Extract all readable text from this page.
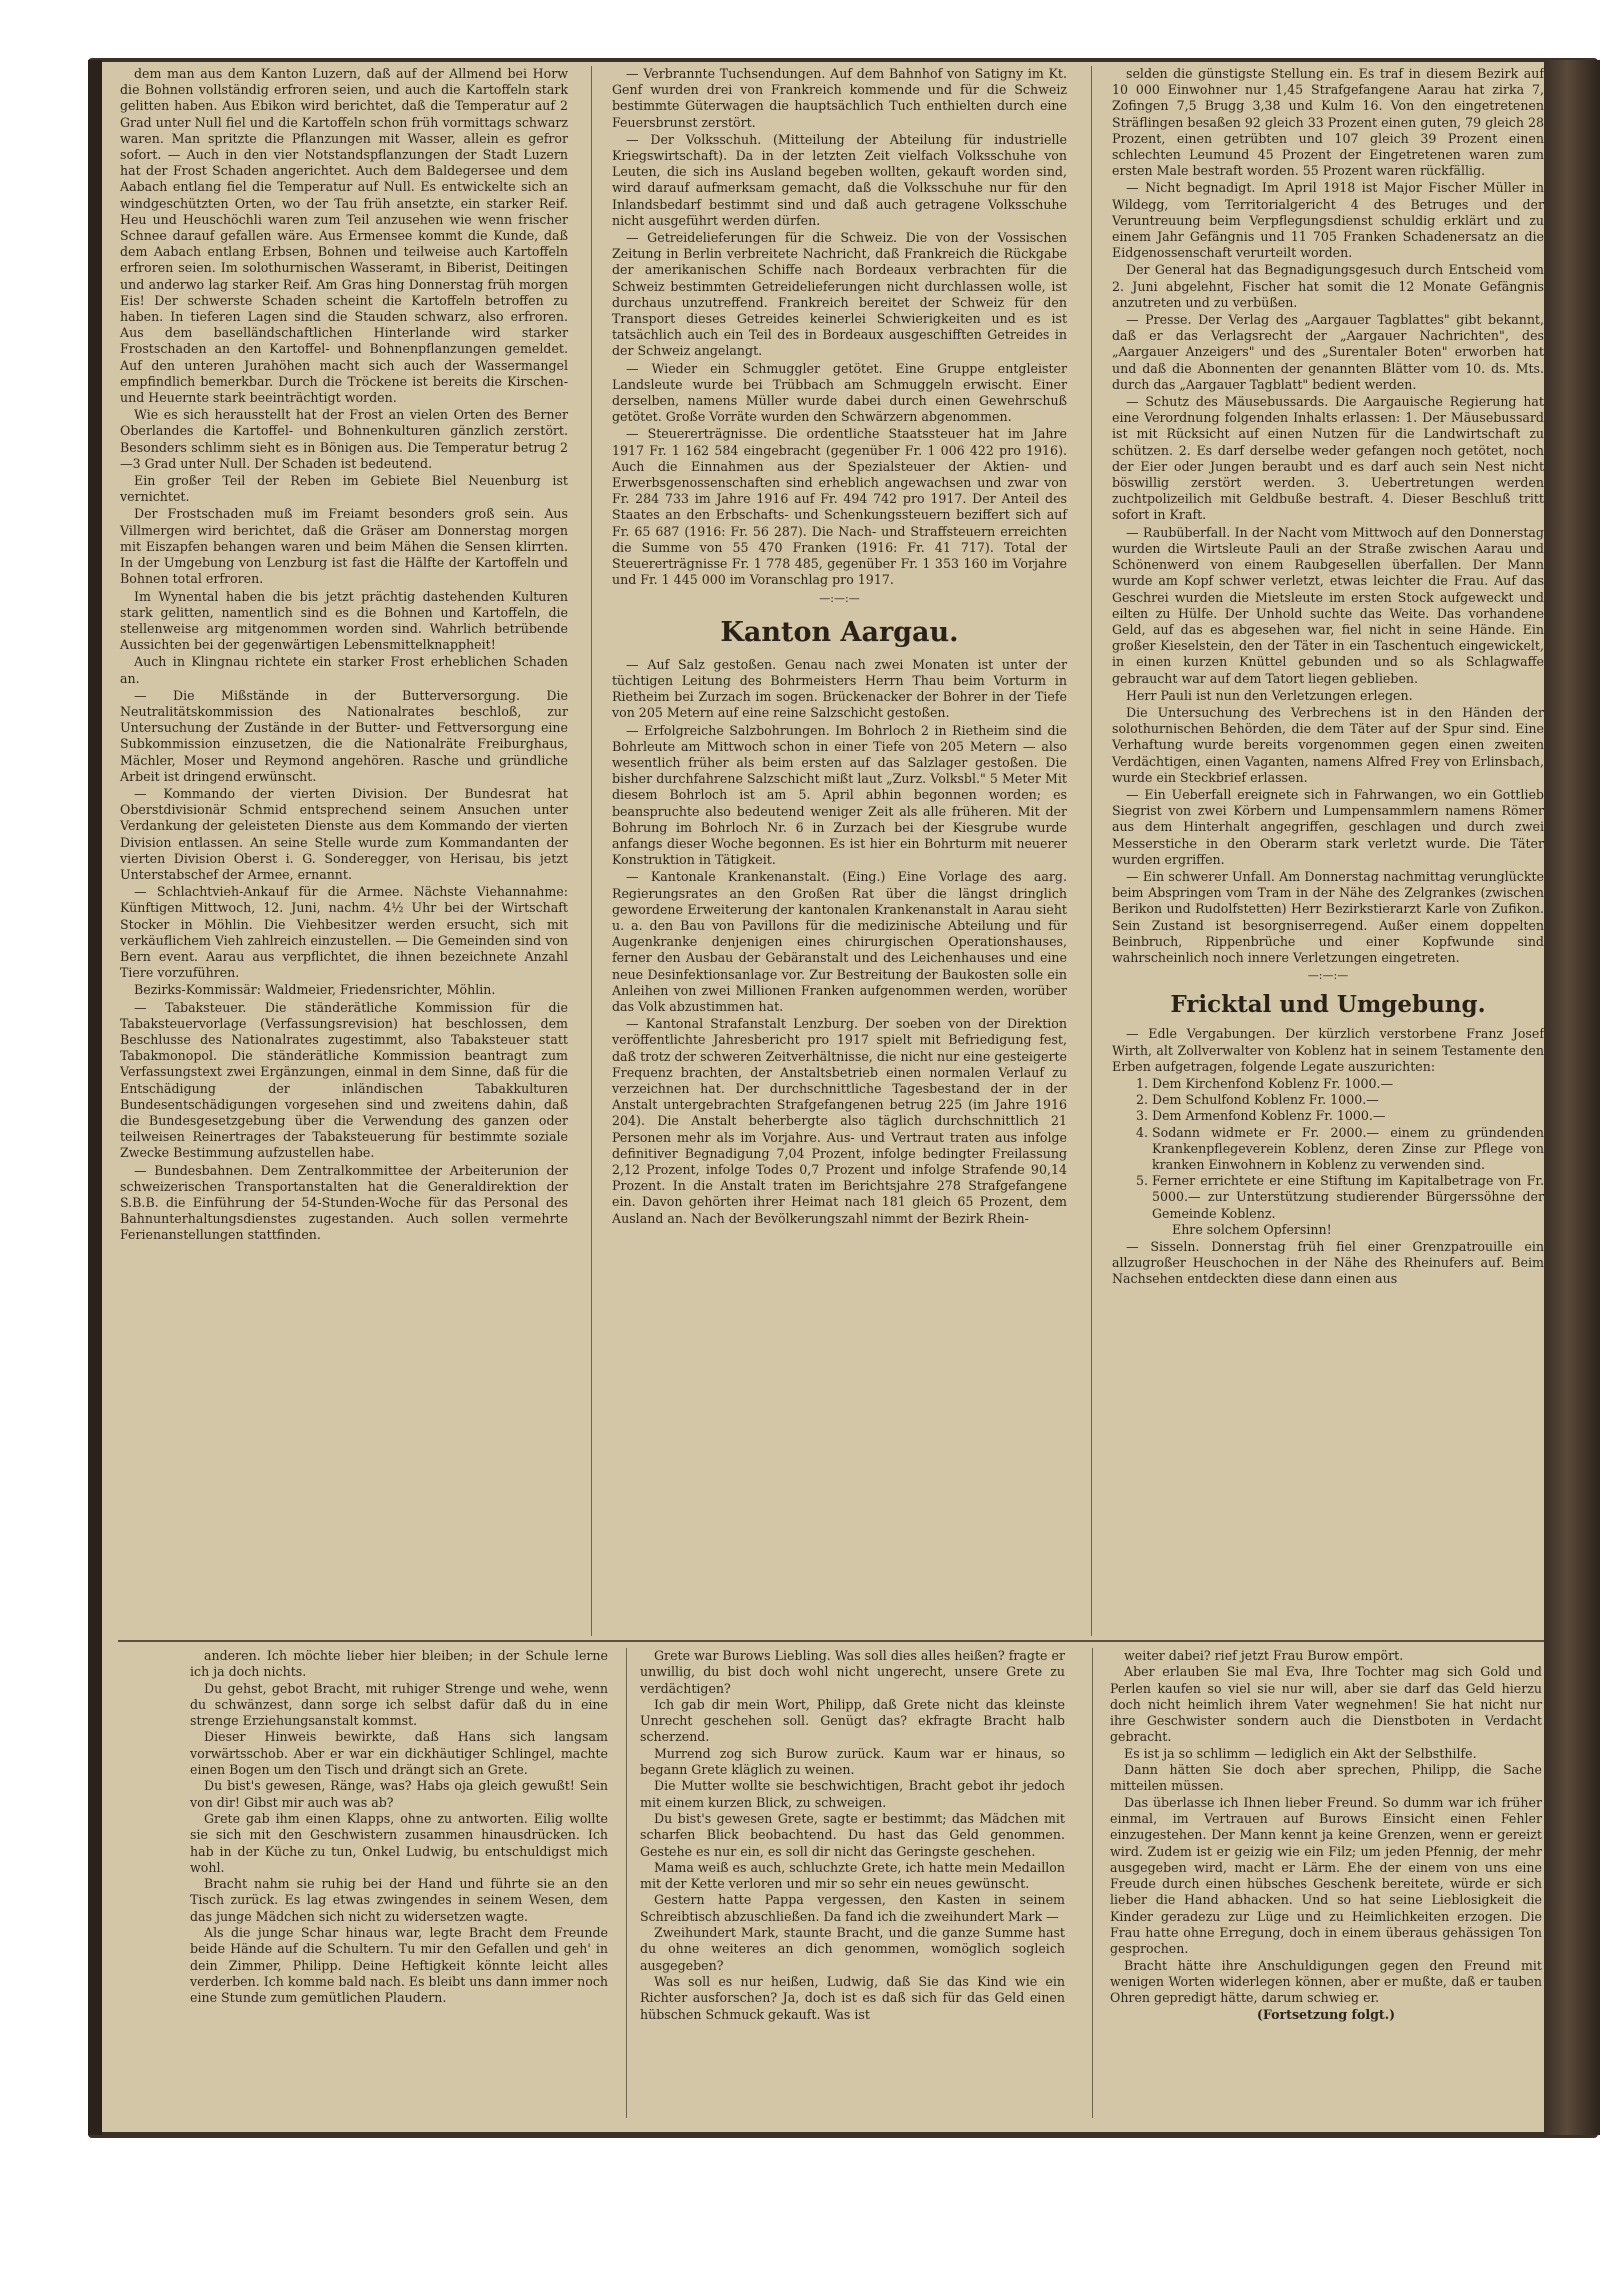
dem man aus dem Kanton Luzern, daß auf der Allmend bei Horw die Bohnen vollständig erfroren seien, und auch die Kartoffeln stark gelitten haben. Aus Ebikon wird berichtet, daß die Temperatur auf 2 Grad unter Null fiel und die Kartoffeln schon früh vormittags schwarz waren. Man spritzte die Pflanzungen mit Wasser, allein es gefror sofort. — Auch in den vier Notstandspflanzungen der Stadt Luzern hat der Frost Schaden angerichtet. Auch dem Baldegersee und dem Aabach entlang fiel die Temperatur auf Null. Es entwickelte sich an windgeschützten Orten, wo der Tau früh ansetzte, ein starker Reif. Heu und Heuschöchli waren zum Teil anzusehen wie wenn frischer Schnee darauf gefallen wäre. Aus Ermensee kommt die Kunde, daß dem Aabach entlang Erbsen, Bohnen und teilweise auch Kartoffeln erfroren seien. Im solothurnischen Wasseramt, in Biberist, Deitingen und anderwo lag starker Reif. Am Gras hing Donnerstag früh morgen Eis! Der schwerste Schaden scheint die Kartoffeln betroffen zu haben. In tieferen Lagen sind die Stauden schwarz, also erfroren. Aus dem baselländschaftlichen Hinterlande wird starker Frostschaden an den Kartoffel- und Bohnenpflanzungen gemeldet. Auf den unteren Jurahöhen macht sich auch der Wassermangel empfindlich bemerkbar. Durch die Tröckene ist bereits die Kirschen- und Heuernte stark beeinträchtigt worden.

Wie es sich herausstellt hat der Frost an vielen Orten des Berner Oberlandes die Kartoffel- und Bohnenkulturen gänzlich zerstört. Besonders schlimm sieht es in Bönigen aus. Die Temperatur betrug 2—3 Grad unter Null. Der Schaden ist bedeutend.

Ein großer Teil der Reben im Gebiete Biel Neuenburg ist vernichtet.

Der Frostschaden muß im Freiamt besonders groß sein. Aus Villmergen wird berichtet, daß die Gräser am Donnerstag morgen mit Eiszapfen behangen waren und beim Mähen die Sensen klirrten. In der Umgebung von Lenzburg ist fast die Hälfte der Kartoffeln und Bohnen total erfroren.

Im Wynental haben die bis jetzt prächtig dastehenden Kulturen stark gelitten, namentlich sind es die Bohnen und Kartoffeln, die stellenweise arg mitgenommen worden sind. Wahrlich betrübende Aussichten bei der gegenwärtigen Lebensmittelknappheit!

Auch in Klingnau richtete ein starker Frost erheblichen Schaden an.

— Die Mißstände in der Butterversorgung. Die Neutralitätskommission des Nationalrates beschloß, zur Untersuchung der Zustände in der Butter- und Fettversorgung eine Subkommission einzusetzen, die die Nationalräte Freiburghaus, Mächler, Moser und Reymond angehören. Rasche und gründliche Arbeit ist dringend erwünscht.

— Kommando der vierten Division. Der Bundesrat hat Oberstdivisionär Schmid entsprechend seinem Ansuchen unter Verdankung der geleisteten Dienste aus dem Kommando der vierten Division entlassen. An seine Stelle wurde zum Kommandanten der vierten Division Oberst i. G. Sonderegger, von Herisau, bis jetzt Unterstabschef der Armee, ernannt.

— Schlachtvieh-Ankauf für die Armee. Nächste Viehannahme: Künftigen Mittwoch, 12. Juni, nachm. 4½ Uhr bei der Wirtschaft Stocker in Möhlin. Die Viehbesitzer werden ersucht, sich mit verkäuflichem Vieh zahlreich einzustellen. — Die Gemeinden sind von Bern event. Aarau aus verpflichtet, die ihnen bezeichnete Anzahl Tiere vorzuführen.

Bezirks-Kommissär: Waldmeier, Friedensrichter, Möhlin.

— Tabaksteuer. Die ständerätliche Kommission für die Tabaksteuervorlage (Verfassungsrevision) hat beschlossen, dem Beschlusse des Nationalrates zugestimmt, also Tabaksteuer statt Tabakmonopol. Die ständerätliche Kommission beantragt zum Verfassungstext zwei Ergänzungen, einmal in dem Sinne, daß für die Entschädigung der inländischen Tabakkulturen Bundesentschädigungen vorgesehen sind und zweitens dahin, daß die Bundesgesetzgebung über die Verwendung des ganzen oder teilweisen Reinertrages der Tabaksteuerung für bestimmte soziale Zwecke Bestimmung aufzustellen habe.

— Bundesbahnen. Dem Zentralkommittee der Arbeiterunion der schweizerischen Transportanstalten hat die Generaldirektion der S.B.B. die Einführung der 54-Stunden-Woche für das Personal des Bahnunterhaltungsdienstes zugestanden. Auch sollen vermehrte Ferienanstellungen stattfinden.

— Verbrannte Tuchsendungen. Auf dem Bahnhof von Satigny im Kt. Genf wurden drei von Frankreich kommende und für die Schweiz bestimmte Güterwagen die hauptsächlich Tuch enthielten durch eine Feuersbrunst zerstört.

— Der Volksschuh. (Mitteilung der Abteilung für industrielle Kriegswirtschaft). Da in der letzten Zeit vielfach Volksschuhe von Leuten, die sich ins Ausland begeben wollten, gekauft worden sind, wird darauf aufmerksam gemacht, daß die Volksschuhe nur für den Inlandsbedarf bestimmt sind und daß auch getragene Volksschuhe nicht ausgeführt werden dürfen.

— Getreidelieferungen für die Schweiz. Die von der Vossischen Zeitung in Berlin verbreitete Nachricht, daß Frankreich die Rückgabe der amerikanischen Schiffe nach Bordeaux verbrachten für die Schweiz bestimmten Getreidelieferungen nicht durchlassen wolle, ist durchaus unzutreffend. Frankreich bereitet der Schweiz für den Transport dieses Getreides keinerlei Schwierigkeiten und es ist tatsächlich auch ein Teil des in Bordeaux ausgeschifften Getreides in der Schweiz angelangt.

— Wieder ein Schmuggler getötet. Eine Gruppe entgleister Landsleute wurde bei Trübbach am Schmuggeln erwischt. Einer derselben, namens Müller wurde dabei durch einen Gewehrschuß getötet. Große Vorräte wurden den Schwärzern abgenommen.

— Steuererträgnisse. Die ordentliche Staatssteuer hat im Jahre 1917 Fr. 1 162 584 eingebracht (gegenüber Fr. 1 006 422 pro 1916). Auch die Einnahmen aus der Spezialsteuer der Aktien- und Erwerbsgenossenschaften sind erheblich angewachsen und zwar von Fr. 284 733 im Jahre 1916 auf Fr. 494 742 pro 1917. Der Anteil des Staates an den Erbschafts- und Schenkungssteuern beziffert sich auf Fr. 65 687 (1916: Fr. 56 287). Die Nach- und Straffsteuern erreichten die Summe von 55 470 Franken (1916: Fr. 41 717). Total der Steuererträgnisse Fr. 1 778 485, gegenüber Fr. 1 353 160 im Vorjahre und Fr. 1 445 000 im Voranschlag pro 1917.

—:—:—
Kanton Aargau.

— Auf Salz gestoßen. Genau nach zwei Monaten ist unter der tüchtigen Leitung des Bohrmeisters Herrn Thau beim Vorturm in Rietheim bei Zurzach im sogen. Brückenacker der Bohrer in der Tiefe von 205 Metern auf eine reine Salzschicht gestoßen.

— Erfolgreiche Salzbohrungen. Im Bohrloch 2 in Rietheim sind die Bohrleute am Mittwoch schon in einer Tiefe von 205 Metern — also wesentlich früher als beim ersten auf das Salzlager gestoßen. Die bisher durchfahrene Salzschicht mißt laut „Zurz. Volksbl." 5 Meter Mit diesem Bohrloch ist am 5. April abhin begonnen worden; es beanspruchte also bedeutend weniger Zeit als alle früheren. Mit der Bohrung im Bohrloch Nr. 6 in Zurzach bei der Kiesgrube wurde anfangs dieser Woche begonnen. Es ist hier ein Bohrturm mit neuerer Konstruktion in Tätigkeit.

— Kantonale Krankenanstalt. (Eing.) Eine Vorlage des aarg. Regierungsrates an den Großen Rat über die längst dringlich gewordene Erweiterung der kantonalen Krankenanstalt in Aarau sieht u. a. den Bau von Pavillons für die medizinische Abteilung und für Augenkranke denjenigen eines chirurgischen Operationshauses, ferner den Ausbau der Gebäranstalt und des Leichenhauses und eine neue Desinfektionsanlage vor. Zur Bestreitung der Baukosten solle ein Anleihen von zwei Millionen Franken aufgenommen werden, worüber das Volk abzustimmen hat.

— Kantonal Strafanstalt Lenzburg. Der soeben von der Direktion veröffentlichte Jahresbericht pro 1917 spielt mit Befriedigung fest, daß trotz der schweren Zeitverhältnisse, die nicht nur eine gesteigerte Frequenz brachten, der Anstaltsbetrieb einen normalen Verlauf zu verzeichnen hat. Der durchschnittliche Tagesbestand der in der Anstalt untergebrachten Strafgefangenen betrug 225 (im Jahre 1916 204). Die Anstalt beherbergte also täglich durchschnittlich 21 Personen mehr als im Vorjahre. Aus- und Vertraut traten aus infolge definitiver Begnadigung 7,04 Prozent, infolge bedingter Freilassung 2,12 Prozent, infolge Todes 0,7 Prozent und infolge Strafende 90,14 Prozent. In die Anstalt traten im Berichtsjahre 278 Strafgefangene ein. Davon gehörten ihrer Heimat nach 181 gleich 65 Prozent, dem Ausland an. Nach der Bevölkerungszahl nimmt der Bezirk Rhein-

selden die günstigste Stellung ein. Es traf in diesem Bezirk auf 10 000 Einwohner nur 1,45 Strafgefangene Aarau hat zirka 7, Zofingen 7,5 Brugg 3,38 und Kulm 16. Von den eingetretenen Sträflingen besaßen 92 gleich 33 Prozent einen guten, 79 gleich 28 Prozent, einen getrübten und 107 gleich 39 Prozent einen schlechten Leumund 45 Prozent der Eingetretenen waren zum ersten Male bestraft worden. 55 Prozent waren rückfällig.

— Nicht begnadigt. Im April 1918 ist Major Fischer Müller in Wildegg, vom Territorialgericht 4 des Betruges und der Veruntreuung beim Verpflegungsdienst schuldig erklärt und zu einem Jahr Gefängnis und 11 705 Franken Schadenersatz an die Eidgenossenschaft verurteilt worden.

Der General hat das Begnadigungsgesuch durch Entscheid vom 2. Juni abgelehnt, Fischer hat somit die 12 Monate Gefängnis anzutreten und zu verbüßen.

— Presse. Der Verlag des „Aargauer Tagblattes" gibt bekannt, daß er das Verlagsrecht der „Aargauer Nachrichten", des „Aargauer Anzeigers" und des „Surentaler Boten" erworben hat und daß die Abonnenten der genannten Blätter vom 10. ds. Mts. durch das „Aargauer Tagblatt" bedient werden.

— Schutz des Mäusebussards. Die Aargauische Regierung hat eine Verordnung folgenden Inhalts erlassen: 1. Der Mäusebussard ist mit Rücksicht auf einen Nutzen für die Landwirtschaft zu schützen. 2. Es darf derselbe weder gefangen noch getötet, noch der Eier oder Jungen beraubt und es darf auch sein Nest nicht böswillig zerstört werden. 3. Uebertretungen werden zuchtpolizeilich mit Geldbuße bestraft. 4. Dieser Beschluß tritt sofort in Kraft.

— Raubüberfall. In der Nacht vom Mittwoch auf den Donnerstag wurden die Wirtsleute Pauli an der Straße zwischen Aarau und Schönenwerd von einem Raubgesellen überfallen. Der Mann wurde am Kopf schwer verletzt, etwas leichter die Frau. Auf das Geschrei wurden die Mietsleute im ersten Stock aufgeweckt und eilten zu Hülfe. Der Unhold suchte das Weite. Das vorhandene Geld, auf das es abgesehen war, fiel nicht in seine Hände. Ein großer Kieselstein, den der Täter in ein Taschentuch eingewickelt, in einen kurzen Knüttel gebunden und so als Schlagwaffe gebraucht war auf dem Tatort liegen geblieben.

Herr Pauli ist nun den Verletzungen erlegen.

Die Untersuchung des Verbrechens ist in den Händen der solothurnischen Behörden, die dem Täter auf der Spur sind. Eine Verhaftung wurde bereits vorgenommen gegen einen zweiten Verdächtigen, einen Vaganten, namens Alfred Frey von Erlinsbach, wurde ein Steckbrief erlassen.

— Ein Ueberfall ereignete sich in Fahrwangen, wo ein Gottlieb Siegrist von zwei Körbern und Lumpensammlern namens Römer aus dem Hinterhalt angegriffen, geschlagen und durch zwei Messerstiche in den Oberarm stark verletzt wurde. Die Täter wurden ergriffen.

— Ein schwerer Unfall. Am Donnerstag nachmittag verunglückte beim Abspringen vom Tram in der Nähe des Zelgrankes (zwischen Berikon und Rudolfstetten) Herr Bezirkstierarzt Karle von Zufikon. Sein Zustand ist besorgniserregend. Außer einem doppelten Beinbruch, Rippenbrüche und einer Kopfwunde sind wahrscheinlich noch innere Verletzungen eingetreten.

—:—:—
Fricktal und Umgebung.

— Edle Vergabungen. Der kürzlich verstorbene Franz Josef Wirth, alt Zollverwalter von Koblenz hat in seinem Testamente den Erben aufgetragen, folgende Legate auszurichten:

1. Dem Kirchenfond Koblenz Fr. 1000.—
2. Dem Schulfond Koblenz Fr. 1000.—
3. Dem Armenfond Koblenz Fr. 1000.—
4. Sodann widmete er Fr. 2000.— einem zu gründenden Krankenpflegeverein Koblenz, deren Zinse zur Pflege von kranken Einwohnern in Koblenz zu verwenden sind.
5. Ferner errichtete er eine Stiftung im Kapitalbetrage von Fr. 5000.— zur Unterstützung studierender Bürgerssöhne der Gemeinde Koblenz.

Ehre solchem Opfersinn!

— Sisseln. Donnerstag früh fiel einer Grenzpatrouille ein allzugroßer Heuschochen in der Nähe des Rheinufers auf. Beim Nachsehen entdeckten diese dann einen aus

anderen. Ich möchte lieber hier bleiben; in der Schule lerne ich ja doch nichts.

Du gehst, gebot Bracht, mit ruhiger Strenge und wehe, wenn du schwänzest, dann sorge ich selbst dafür daß du in eine strenge Erziehungsanstalt kommst.

Dieser Hinweis bewirkte, daß Hans sich langsam vorwärtsschob. Aber er war ein dickhäutiger Schlingel, machte einen Bogen um den Tisch und drängt sich an Grete.

Du bist's gewesen, Ränge, was? Habs oja gleich gewußt! Sein von dir! Gibst mir auch was ab?

Grete gab ihm einen Klapps, ohne zu antworten. Eilig wollte sie sich mit den Geschwistern zusammen hinausdrücken. Ich hab in der Küche zu tun, Onkel Ludwig, bu entschuldigst mich wohl.

Bracht nahm sie ruhig bei der Hand und führte sie an den Tisch zurück. Es lag etwas zwingendes in seinem Wesen, dem das junge Mädchen sich nicht zu widersetzen wagte.

Als die junge Schar hinaus war, legte Bracht dem Freunde beide Hände auf die Schultern. Tu mir den Gefallen und geh' in dein Zimmer, Philipp. Deine Heftigkeit könnte leicht alles verderben. Ich komme bald nach. Es bleibt uns dann immer noch eine Stunde zum gemütlichen Plaudern.

Grete war Burows Liebling. Was soll dies alles heißen? fragte er unwillig, du bist doch wohl nicht ungerecht, unsere Grete zu verdächtigen?

Ich gab dir mein Wort, Philipp, daß Grete nicht das kleinste Unrecht geschehen soll. Genügt das? ekfragte Bracht halb scherzend.

Murrend zog sich Burow zurück. Kaum war er hinaus, so begann Grete kläglich zu weinen.

Die Mutter wollte sie beschwichtigen, Bracht gebot ihr jedoch mit einem kurzen Blick, zu schweigen.

Du bist's gewesen Grete, sagte er bestimmt; das Mädchen mit scharfen Blick beobachtend. Du hast das Geld genommen. Gestehe es nur ein, es soll dir nicht das Geringste geschehen.

Mama weiß es auch, schluchzte Grete, ich hatte mein Medaillon mit der Kette verloren und mir so sehr ein neues gewünscht.

Gestern hatte Pappa vergessen, den Kasten in seinem Schreibtisch abzuschließen. Da fand ich die zweihundert Mark —

Zweihundert Mark, staunte Bracht, und die ganze Summe hast du ohne weiteres an dich genommen, womöglich sogleich ausgegeben?

Was soll es nur heißen, Ludwig, daß Sie das Kind wie ein Richter ausforschen? Ja, doch ist es daß sich für das Geld einen hübschen Schmuck gekauft. Was ist

weiter dabei? rief jetzt Frau Burow empört.

Aber erlauben Sie mal Eva, Ihre Tochter mag sich Gold und Perlen kaufen so viel sie nur will, aber sie darf das Geld hierzu doch nicht heimlich ihrem Vater wegnehmen! Sie hat nicht nur ihre Geschwister sondern auch die Dienstboten in Verdacht gebracht.

Es ist ja so schlimm — lediglich ein Akt der Selbsthilfe.

Dann hätten Sie doch aber sprechen, Philipp, die Sache mitteilen müssen.

Das überlasse ich Ihnen lieber Freund. So dumm war ich früher einmal, im Vertrauen auf Burows Einsicht einen Fehler einzugestehen. Der Mann kennt ja keine Grenzen, wenn er gereizt wird. Zudem ist er geizig wie ein Filz; um jeden Pfennig, der mehr ausgegeben wird, macht er Lärm. Ehe der einem von uns eine Freude durch einen hübsches Geschenk bereitete, würde er sich lieber die Hand abhacken. Und so hat seine Lieblosigkeit die Kinder geradezu zur Lüge und zu Heimlichkeiten erzogen. Die Frau hatte ohne Erregung, doch in einem überaus gehässigen Ton gesprochen.

Bracht hätte ihre Anschuldigungen gegen den Freund mit wenigen Worten widerlegen können, aber er mußte, daß er tauben Ohren gepredigt hätte, darum schwieg er.

(Fortsetzung folgt.)
